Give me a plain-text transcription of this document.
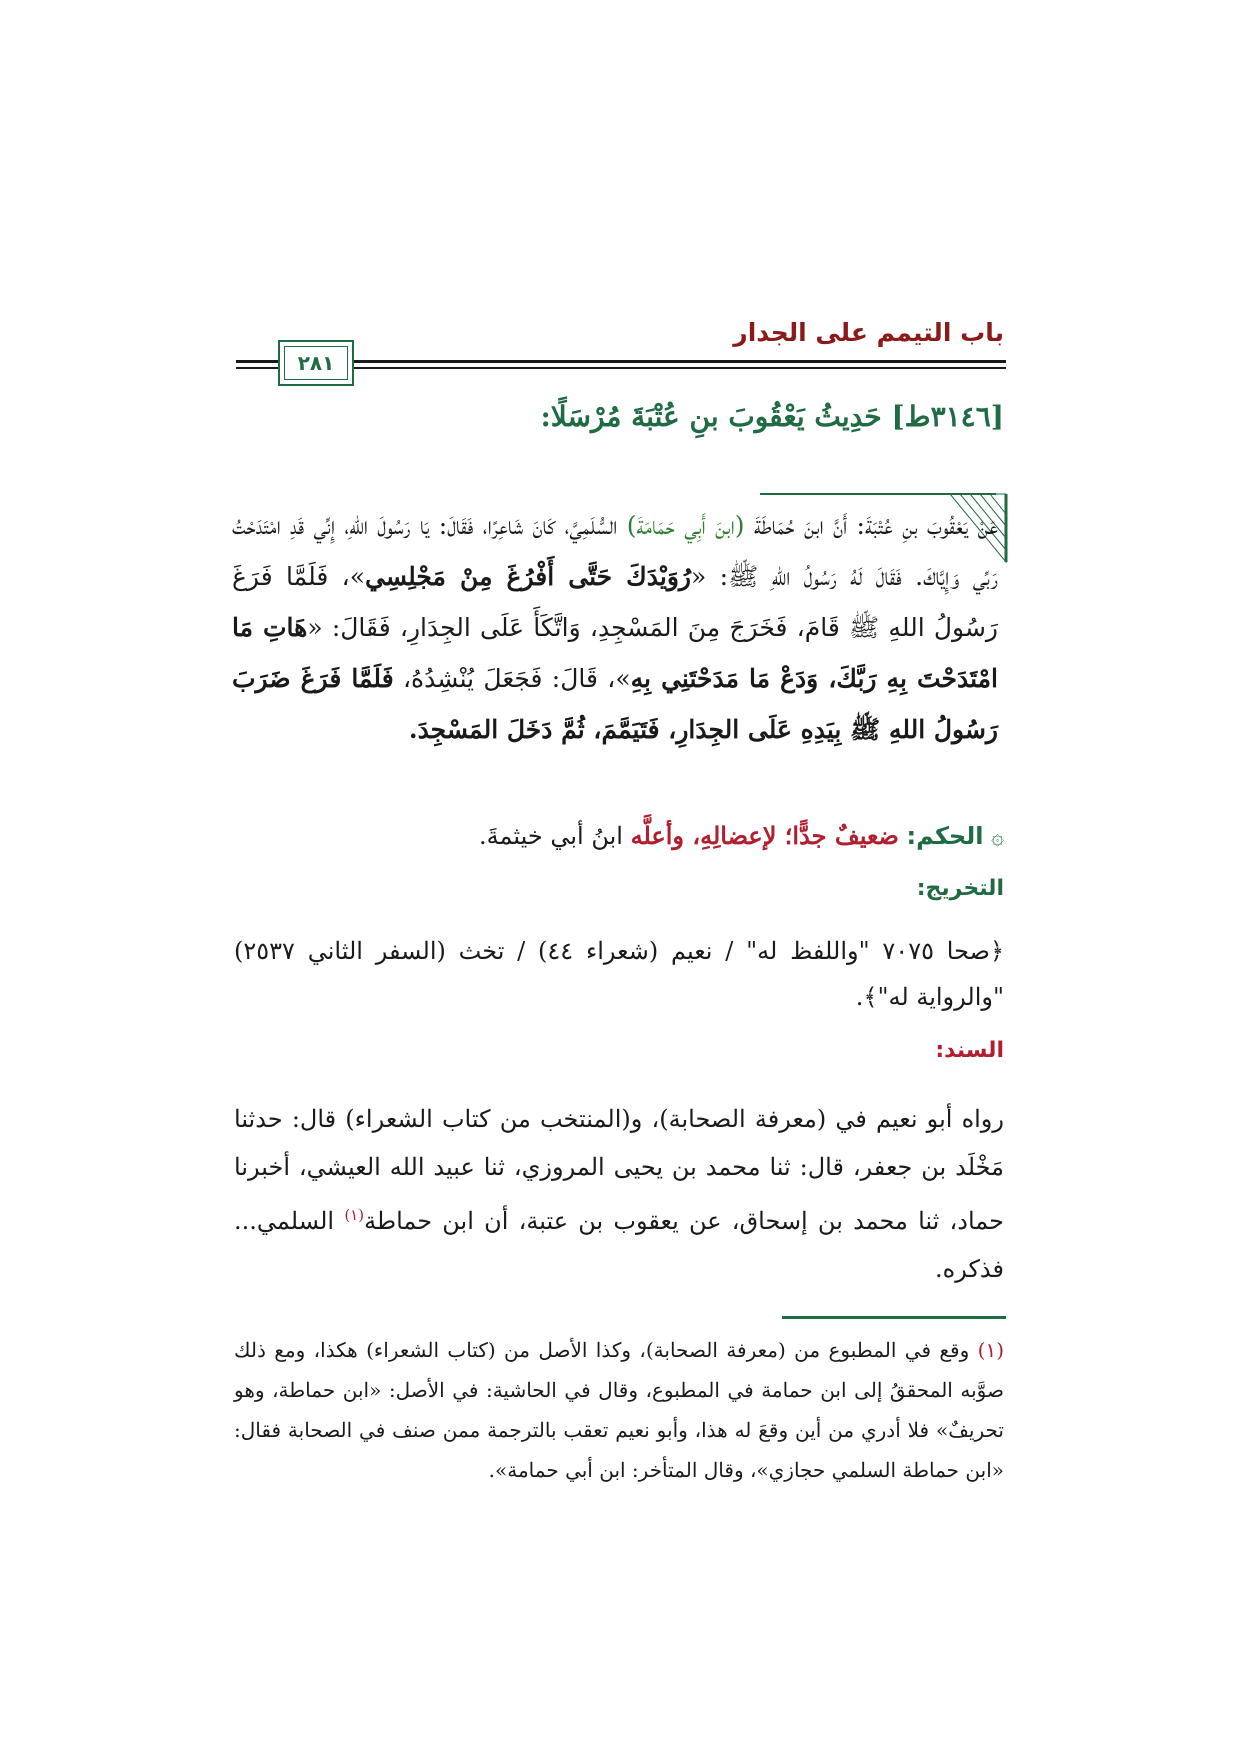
باب التيمم على الجدار
٢٨١
[٣١٤٦ط] حَدِيثُ يَعْقُوبَ بنِ عُتْبَةَ مُرْسَلًا:
عَنْ يَعْقُوبَ بنِ عُتْبَةَ: أَنَّ ابنَ حُمَاطَةَ (ابنَ أَبِي حَمَامَةَ) السُّلَمِيَّ، كَانَ شَاعِرًا، فَقَالَ: يَا رَسُولَ اللهِ، إِنِّي قَدِ امْتَدَحْتُ رَبِّي وَإِيَّاكَ. فَقَالَ لَهُ رَسُولُ اللهِ ﷺ: «رُوَيْدَكَ حَتَّى أَفْرُغَ مِنْ مَجْلِسِي»، فَلَمَّا فَرَغَ رَسُولُ اللهِ ﷺ قَامَ، فَخَرَجَ مِنَ المَسْجِدِ، وَاتَّكَأَ عَلَى الجِدَارِ، فَقَالَ: «هَاتِ مَا امْتَدَحْتَ بِهِ رَبَّكَ، وَدَعْ مَا مَدَحْتَنِي بِهِ»، قَالَ: فَجَعَلَ يُنْشِدُهُ، فَلَمَّا فَرَغَ ضَرَبَ رَسُولُ اللهِ ﷺ بِيَدِهِ عَلَى الجِدَارِ، فَتَيَمَّمَ، ثُمَّ دَخَلَ المَسْجِدَ.
۞ الحكم: ضعيفٌ جدًّا؛ لإعضالِهِ، وأعلَّه ابنُ أبي خيثمةَ.
التخريج:
﴿صحا ٧٠٧٥ "واللفظ له" / نعيم (شعراء ٤٤) / تخث (السفر الثاني ٢٥٣٧) "والرواية له"﴾.
السند:
رواه أبو نعيم في (معرفة الصحابة)، و(المنتخب من كتاب الشعراء) قال: حدثنا مَخْلَد بن جعفر، قال: ثنا محمد بن يحيى المروزي، ثنا عبيد الله العيشي، أخبرنا حماد، ثنا محمد بن إسحاق، عن يعقوب بن عتبة، أن ابن حماطة$^{(١)}$ السلمي... فذكره.
(١) وقع في المطبوع من (معرفة الصحابة)، وكذا الأصل من (كتاب الشعراء) هكذا، ومع ذلك صوَّبه المحققُ إلى ابن حمامة في المطبوع، وقال في الحاشية: في الأصل: «ابن حماطة، وهو تحريفٌ» فلا أدري من أين وقعَ له هذا، وأبو نعيم تعقب بالترجمة ممن صنف في الصحابة فقال: «ابن حماطة السلمي حجازي»، وقال المتأخر: ابن أبي حمامة».
